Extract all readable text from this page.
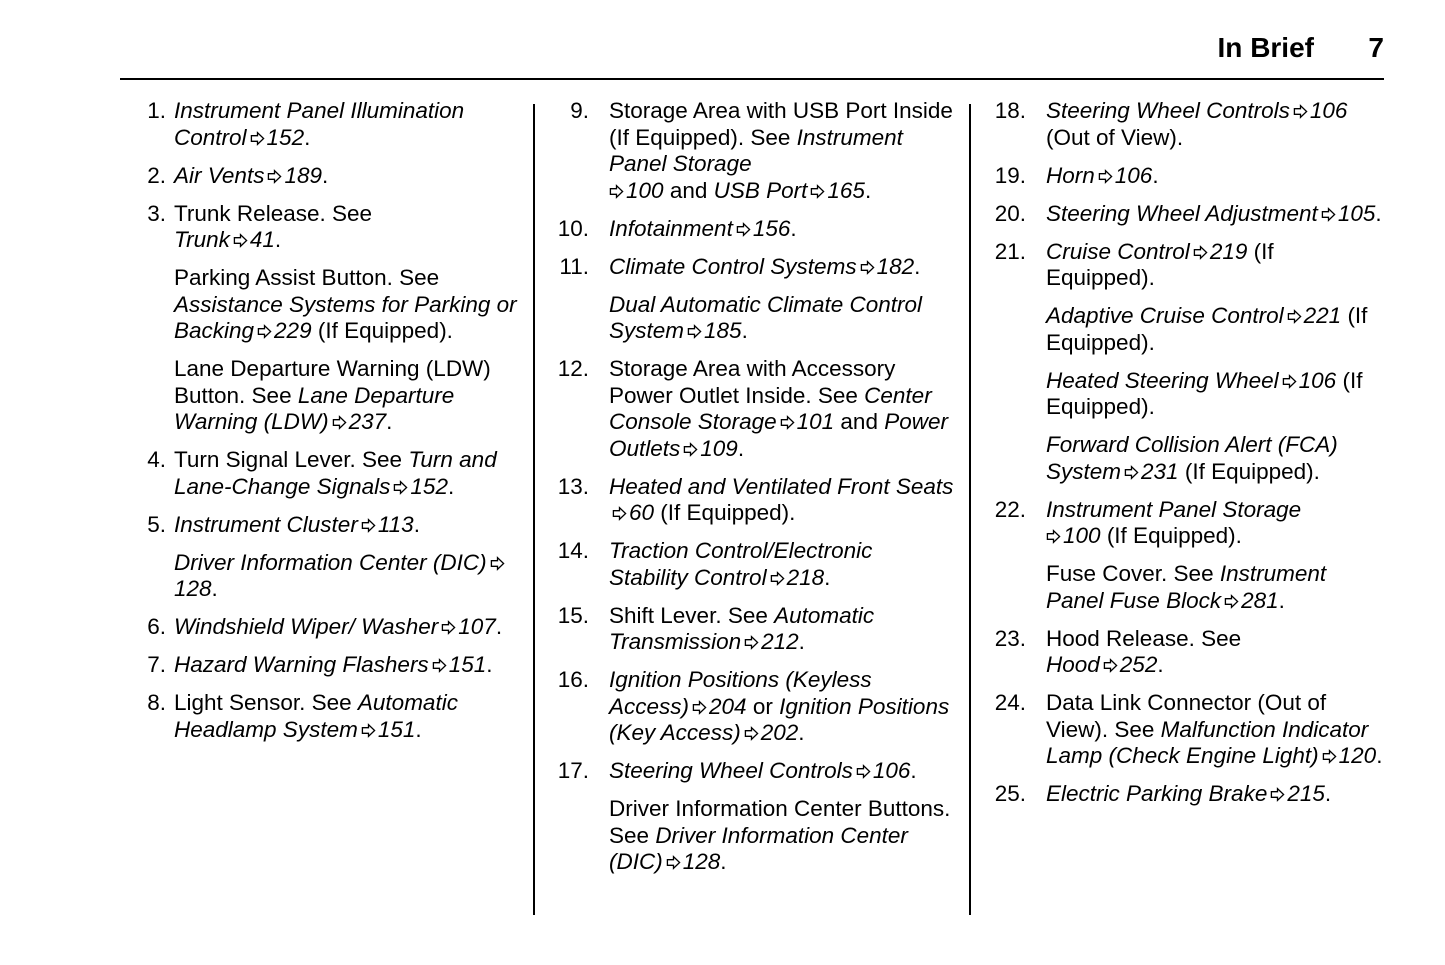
In Brief 7
1. Instrument Panel Illumination Control 152.
2. Air Vents 189.
3. Trunk Release. See
Trunk 41.
Parking Assist Button. See Assistance Systems for Parking or Backing 229 (If Equipped).
Lane Departure Warning (LDW) Button. See Lane Departure Warning (LDW) 237.
4. Turn Signal Lever. See Turn and Lane-Change Signals 152.
5. Instrument Cluster 113.
Driver Information Center (DIC)128.
6. Windshield Wiper/ Washer 107.
7. Hazard Warning Flashers 151.
8. Light Sensor. See Automatic Headlamp System 151.
9. Storage Area with USB Port Inside (If Equipped). See Instrument Panel Storage
100 and USB Port 165.
10. Infotainment 156.
11. Climate Control Systems 182.
Dual Automatic Climate Control System 185.
12. Storage Area with Accessory Power Outlet Inside. See Center Console Storage 101 and Power Outlets 109.
13. Heated and Ventilated Front Seats60 (If Equipped).
14. Traction Control/Electronic Stability Control 218.
15. Shift Lever. See Automatic Transmission 212.
16. Ignition Positions (Keyless Access) 204 or Ignition Positions (Key Access) 202.
17. Steering Wheel Controls 106.
Driver Information Center Buttons. See Driver Information Center (DIC) 128.
18. Steering Wheel Controls 106 (Out of View).
19. Horn 106.
20. Steering Wheel Adjustment 105.
21. Cruise Control 219 (If Equipped).
Adaptive Cruise Control 221 (If Equipped).
Heated Steering Wheel 106 (If Equipped).
Forward Collision Alert (FCA) System 231 (If Equipped).
22. Instrument Panel Storage
100 (If Equipped).
Fuse Cover. See Instrument Panel Fuse Block 281.
23. Hood Release. See
Hood 252.
24. Data Link Connector (Out of View). See Malfunction Indicator Lamp (Check Engine Light) 120.
25. Electric Parking Brake 215.
